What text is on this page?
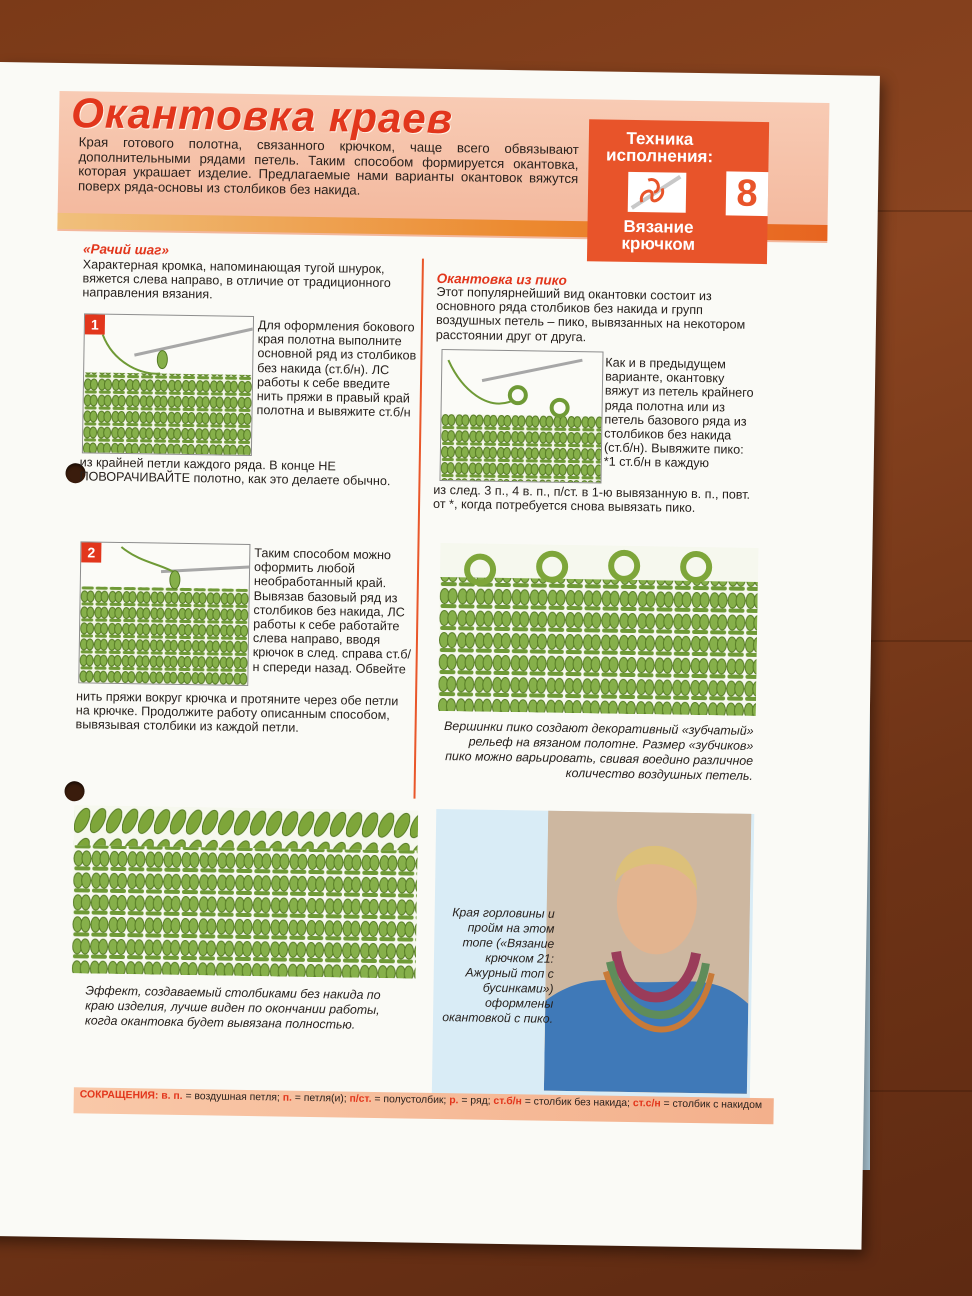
Окантовка краев

Края готового полотна, связанного крючком, чаще всего обвязывают дополнительными рядами петель. Таким способом формируется окантовка, которая украшает изделие. Предлагаемые нами варианты окантовок вяжутся поверх ряда-основы из столбиков без накида.

Техника исполнения:
Вязание крючком
8
«Рачий шаг»

Характерная кромка, напоминающая тугой шнурок, вяжется слева направо, в отличие от традиционного направления вязания.

1	Для оформления бокового края полотна выполните основной ряд из столбиков без накида (ст.б/н). ЛС работы к себе введите нить пряжи в правый край полотна и вывяжите ст.б/н

из крайней петли каждого ряда. В конце НЕ ПОВОРАЧИВАЙТЕ полотно, как это делаете обычно.

2	Таким способом можно оформить любой необработанный край. Вывязав базовый ряд из столбиков без накида, ЛС работы к себе работайте слева направо, вводя крючок в след. справа ст.б/н спереди назад. Обвейте

нить пряжи вокруг крючка и протяните через обе петли на крючке. Продолжите работу описанным способом, вывязывая столбики из каждой петли.

Эффект, создаваемый столбиками без накида по краю изделия, лучше виден по окончании работы, когда окантовка будет вывязана полностью.

Окантовка из пико

Этот популярнейший вид окантовки состоит из основного ряда столбиков без накида и групп воздушных петель – пико, вывязанных на некотором расстоянии друг от друга.

Как и в предыдущем варианте, окантовку вяжут из петель крайнего ряда полотна или из петель базового ряда из столбиков без накида (ст.б/н). Вывяжите пико: *1 ст.б/н в каждую

из след. 3 п., 4 в. п., п/ст. в 1-ю вывязанную в. п., повт. от *, когда потребуется снова вывязать пико.

Вершинки пико создают декоративный «зубчатый» рельеф на вязаном полотне. Размер «зубчиков» пико можно варьировать, свивая воедино различное количество воздушных петель.

Края горловины и пройм на этом топе («Вязание крючком 21: Ажурный топ с бусинками») оформлены окантовкой с пико.

СОКРАЩЕНИЯ: в. п. = воздушная петля; п. = петля(и); п/ст. = полустолбик; р. = ряд; ст.б/н = столбик без накида; ст.с/н = столбик с накидом
